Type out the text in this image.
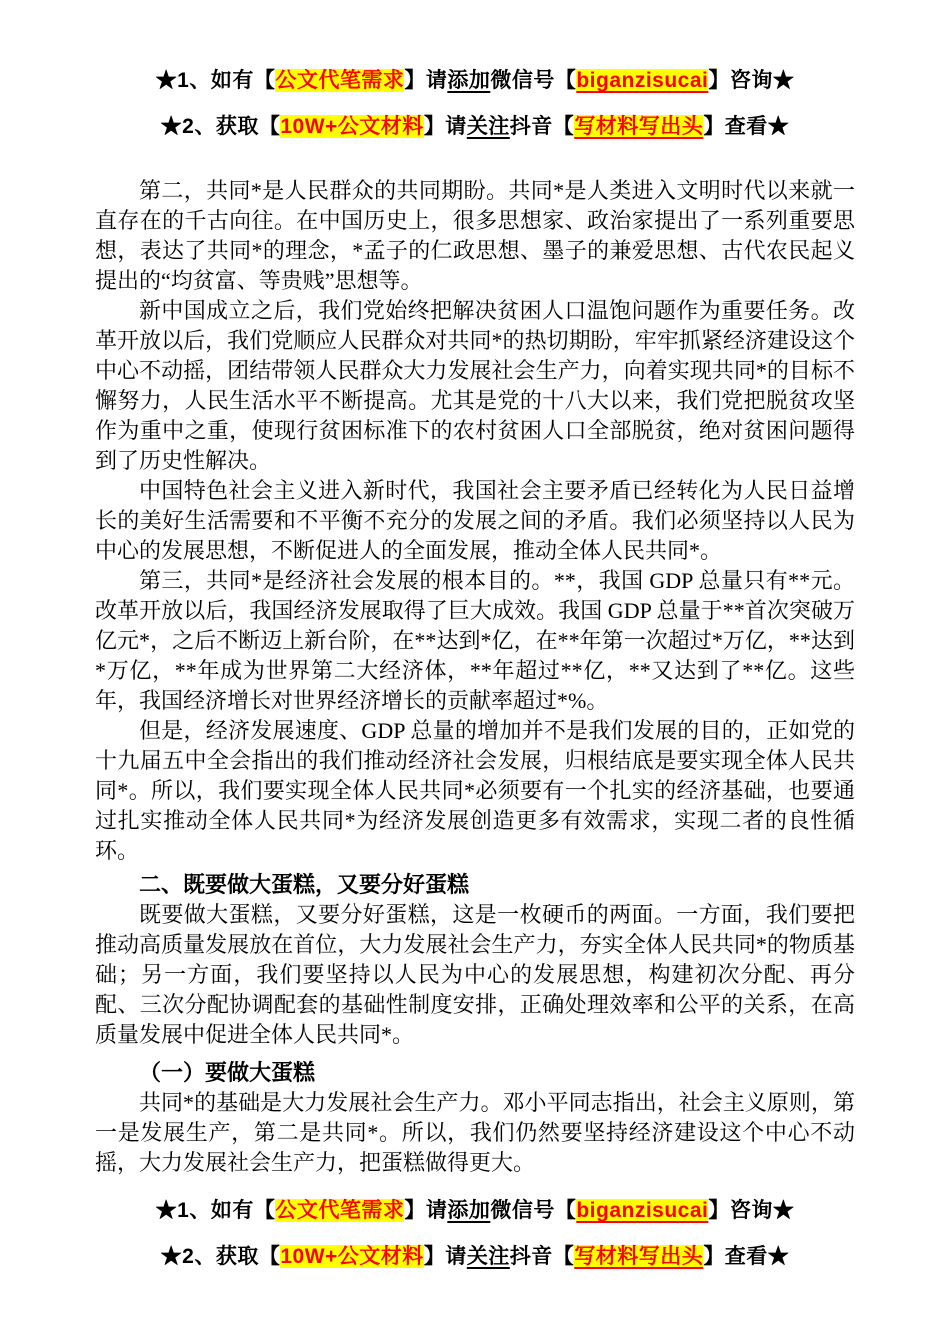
★1、如有【公文代笔需求】请添加微信号【biganzisucai】咨询★

★2、获取【10W+公文材料】请关注抖音【写材料写出头】查看★

第二，共同*是人民群众的共同期盼。共同*是人类进入文明时代以来就一直存在的千古向往。在中国历史上，很多思想家、政治家提出了一系列重要思想，表达了共同*的理念，*孟子的仁政思想、墨子的兼爱思想、古代农民起义提出的“均贫富、等贵贱”思想等。

新中国成立之后，我们党始终把解决贫困人口温饱问题作为重要任务。改革开放以后，我们党顺应人民群众对共同*的热切期盼，牢牢抓紧经济建设这个中心不动摇，团结带领人民群众大力发展社会生产力，向着实现共同*的目标不懈努力，人民生活水平不断提高。尤其是党的十八大以来，我们党把脱贫攻坚作为重中之重，使现行贫困标准下的农村贫困人口全部脱贫，绝对贫困问题得到了历史性解决。

中国特色社会主义进入新时代，我国社会主要矛盾已经转化为人民日益增长的美好生活需要和不平衡不充分的发展之间的矛盾。我们必须坚持以人民为中心的发展思想，不断促进人的全面发展，推动全体人民共同*。

第三，共同*是经济社会发展的根本目的。**，我国 GDP 总量只有**元。改革开放以后，我国经济发展取得了巨大成效。我国 GDP 总量于**首次突破万亿元*，之后不断迈上新台阶，在**达到*亿，在**年第一次超过*万亿，**达到*万亿，**年成为世界第二大经济体，**年超过**亿，**又达到了**亿。这些年，我国经济增长对世界经济增长的贡献率超过*%。

但是，经济发展速度、GDP 总量的增加并不是我们发展的目的，正如党的十九届五中全会指出的我们推动经济社会发展，归根结底是要实现全体人民共同*。所以，我们要实现全体人民共同*必须要有一个扎实的经济基础，也要通过扎实推动全体人民共同*为经济发展创造更多有效需求，实现二者的良性循环。

二、既要做大蛋糕，又要分好蛋糕

既要做大蛋糕，又要分好蛋糕，这是一枚硬币的两面。一方面，我们要把推动高质量发展放在首位，大力发展社会生产力，夯实全体人民共同*的物质基础；另一方面，我们要坚持以人民为中心的发展思想，构建初次分配、再分配、三次分配协调配套的基础性制度安排，正确处理效率和公平的关系，在高质量发展中促进全体人民共同*。

（一）要做大蛋糕

共同*的基础是大力发展社会生产力。邓小平同志指出，社会主义原则，第一是发展生产，第二是共同*。所以，我们仍然要坚持经济建设这个中心不动摇，大力发展社会生产力，把蛋糕做得更大。

★1、如有【公文代笔需求】请添加微信号【biganzisucai】咨询★

★2、获取【10W+公文材料】请关注抖音【写材料写出头】查看★
